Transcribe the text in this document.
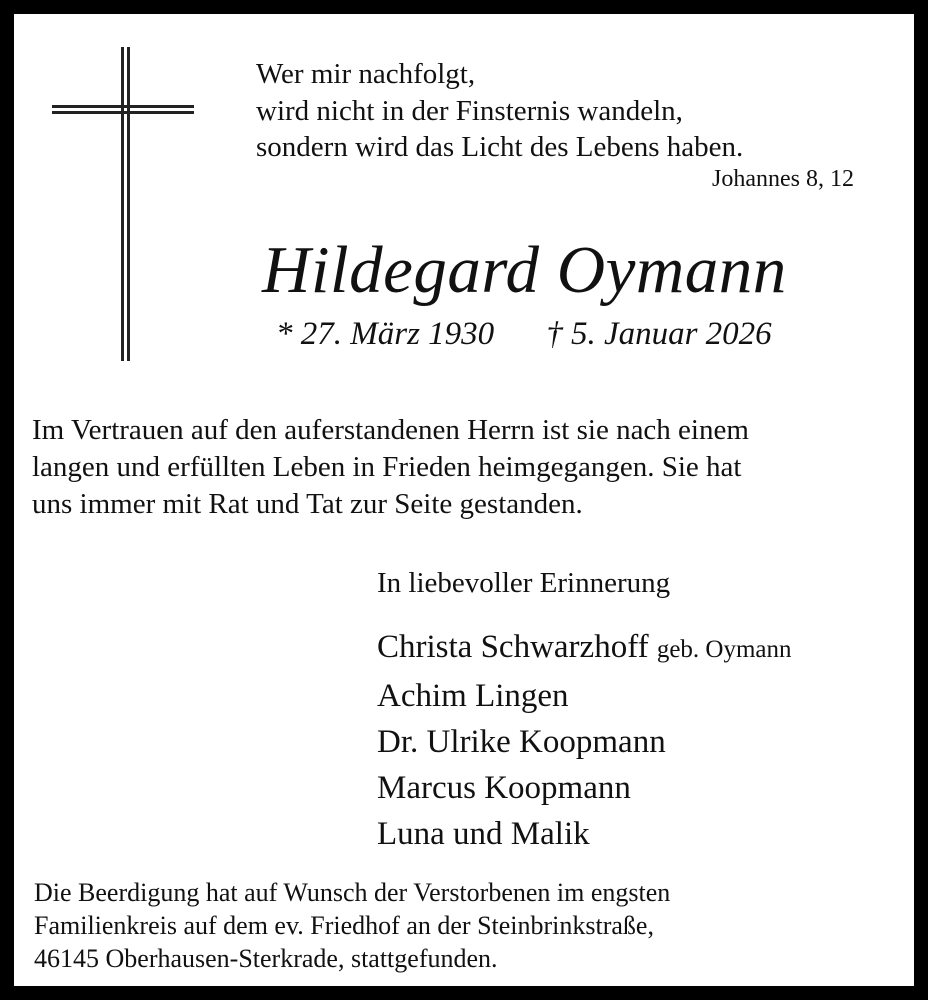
Wer mir nachfolgt,
wird nicht in der Finsternis wandeln,
sondern wird das Licht des Lebens haben.
Johannes 8, 12
Hildegard Oymann
* 27. März 1930 † 5. Januar 2026
Im Vertrauen auf den auferstandenen Herrn ist sie nach einem
langen und erfüllten Leben in Frieden heimgegangen. Sie hat
uns immer mit Rat und Tat zur Seite gestanden.
In liebevoller Erinnerung
Christa Schwarzhoff geb. Oymann
Achim Lingen
Dr. Ulrike Koopmann
Marcus Koopmann
Luna und Malik
Die Beerdigung hat auf Wunsch der Verstorbenen im engsten
Familienkreis auf dem ev. Friedhof an der Steinbrinkstraße,
46145 Oberhausen-Sterkrade, stattgefunden.
